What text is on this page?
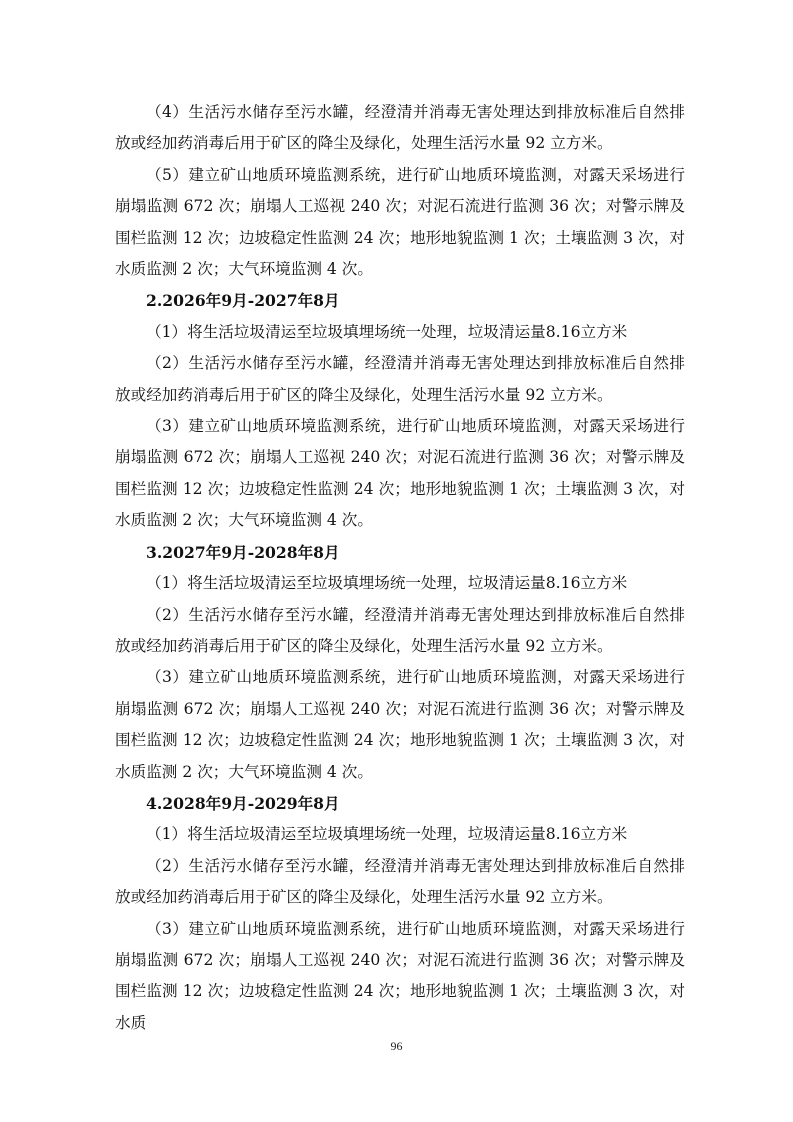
（4）生活污水储存至污水罐，经澄清并消毒无害处理达到排放标准后自然排放或经加药消毒后用于矿区的降尘及绿化，处理生活污水量 92 立方米。

（5）建立矿山地质环境监测系统，进行矿山地质环境监测，对露天采场进行崩塌监测 672 次；崩塌人工巡视 240 次；对泥石流进行监测 36 次；对警示牌及围栏监测 12 次；边坡稳定性监测 24 次；地形地貌监测 1 次；土壤监测 3 次，对水质监测 2 次；大气环境监测 4 次。

2.2026年9月-2027年8月

（1）将生活垃圾清运至垃圾填埋场统一处理，垃圾清运量8.16立方米

（2）生活污水储存至污水罐，经澄清并消毒无害处理达到排放标准后自然排放或经加药消毒后用于矿区的降尘及绿化，处理生活污水量 92 立方米。

（3）建立矿山地质环境监测系统，进行矿山地质环境监测，对露天采场进行崩塌监测 672 次；崩塌人工巡视 240 次；对泥石流进行监测 36 次；对警示牌及围栏监测 12 次；边坡稳定性监测 24 次；地形地貌监测 1 次；土壤监测 3 次，对水质监测 2 次；大气环境监测 4 次。

3.2027年9月-2028年8月

（1）将生活垃圾清运至垃圾填埋场统一处理，垃圾清运量8.16立方米

（2）生活污水储存至污水罐，经澄清并消毒无害处理达到排放标准后自然排放或经加药消毒后用于矿区的降尘及绿化，处理生活污水量 92 立方米。

（3）建立矿山地质环境监测系统，进行矿山地质环境监测，对露天采场进行崩塌监测 672 次；崩塌人工巡视 240 次；对泥石流进行监测 36 次；对警示牌及围栏监测 12 次；边坡稳定性监测 24 次；地形地貌监测 1 次；土壤监测 3 次，对水质监测 2 次；大气环境监测 4 次。

4.2028年9月-2029年8月

（1）将生活垃圾清运至垃圾填埋场统一处理，垃圾清运量8.16立方米

（2）生活污水储存至污水罐，经澄清并消毒无害处理达到排放标准后自然排放或经加药消毒后用于矿区的降尘及绿化，处理生活污水量 92 立方米。

（3）建立矿山地质环境监测系统，进行矿山地质环境监测，对露天采场进行崩塌监测 672 次；崩塌人工巡视 240 次；对泥石流进行监测 36 次；对警示牌及围栏监测 12 次；边坡稳定性监测 24 次；地形地貌监测 1 次；土壤监测 3 次，对水质

96
